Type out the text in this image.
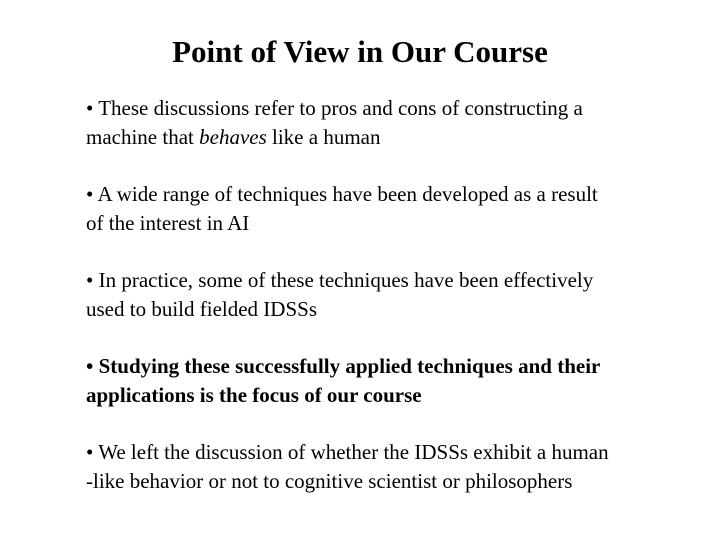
Point of View in Our Course
• These discussions refer to pros and cons of constructing a
machine that behaves like a human
• A wide range of techniques have been developed as a result
of the interest in AI
• In practice, some of these techniques have been effectively
used to build fielded IDSSs
• Studying these successfully applied techniques and their
applications is the focus of our course
• We left the discussion of whether the IDSSs exhibit a human
-like behavior or not to cognitive scientist or philosophers
